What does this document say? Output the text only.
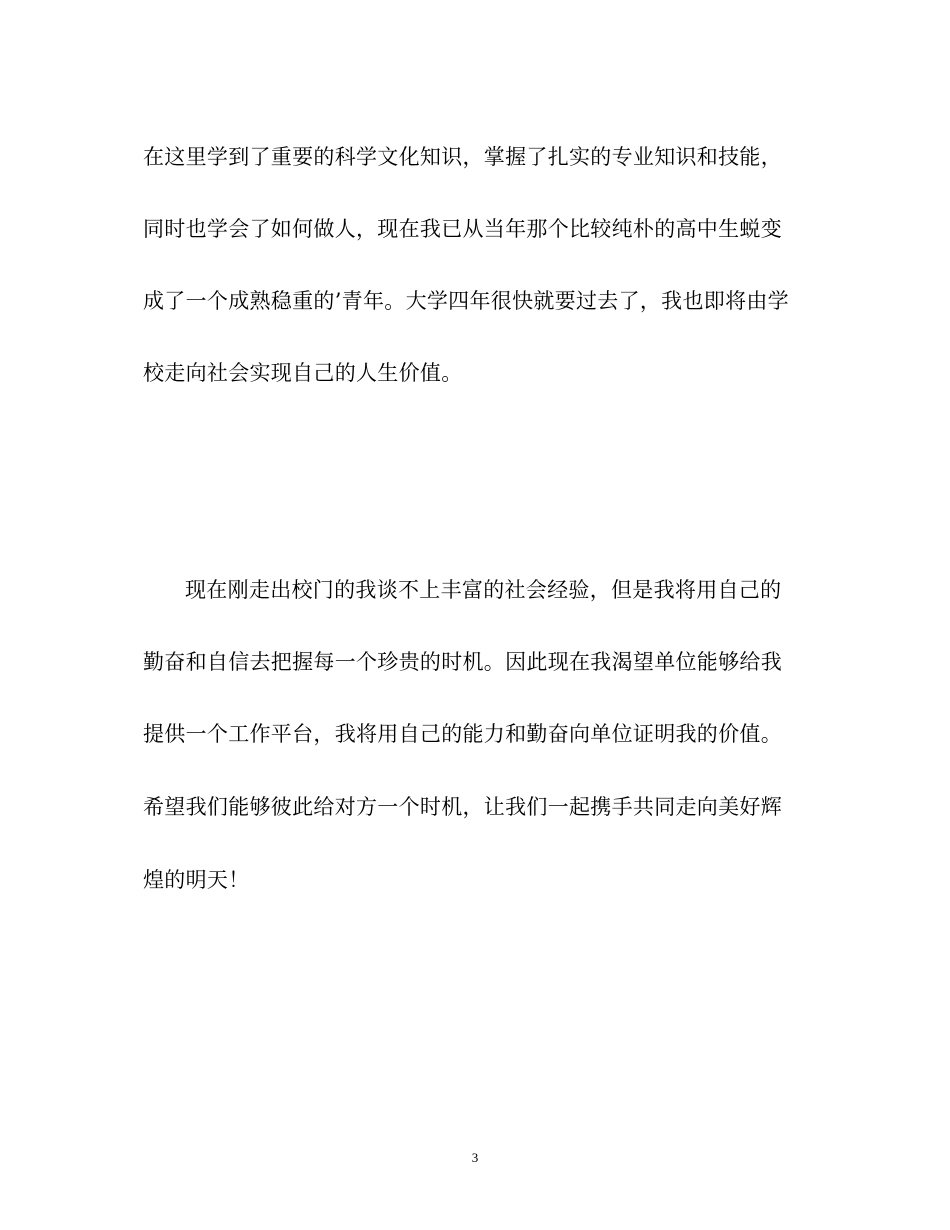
在这里学到了重要的科学文化知识，掌握了扎实的专业知识和技能，
同时也学会了如何做人，现在我已从当年那个比较纯朴的高中生蜕变
成了一个成熟稳重的’青年。大学四年很快就要过去了，我也即将由学
校走向社会实现自己的人生价值。
现在刚走出校门的我谈不上丰富的社会经验，但是我将用自己的
勤奋和自信去把握每一个珍贵的时机。因此现在我渴望单位能够给我
提供一个工作平台，我将用自己的能力和勤奋向单位证明我的价值。
希望我们能够彼此给对方一个时机，让我们一起携手共同走向美好辉
煌的明天！
3
